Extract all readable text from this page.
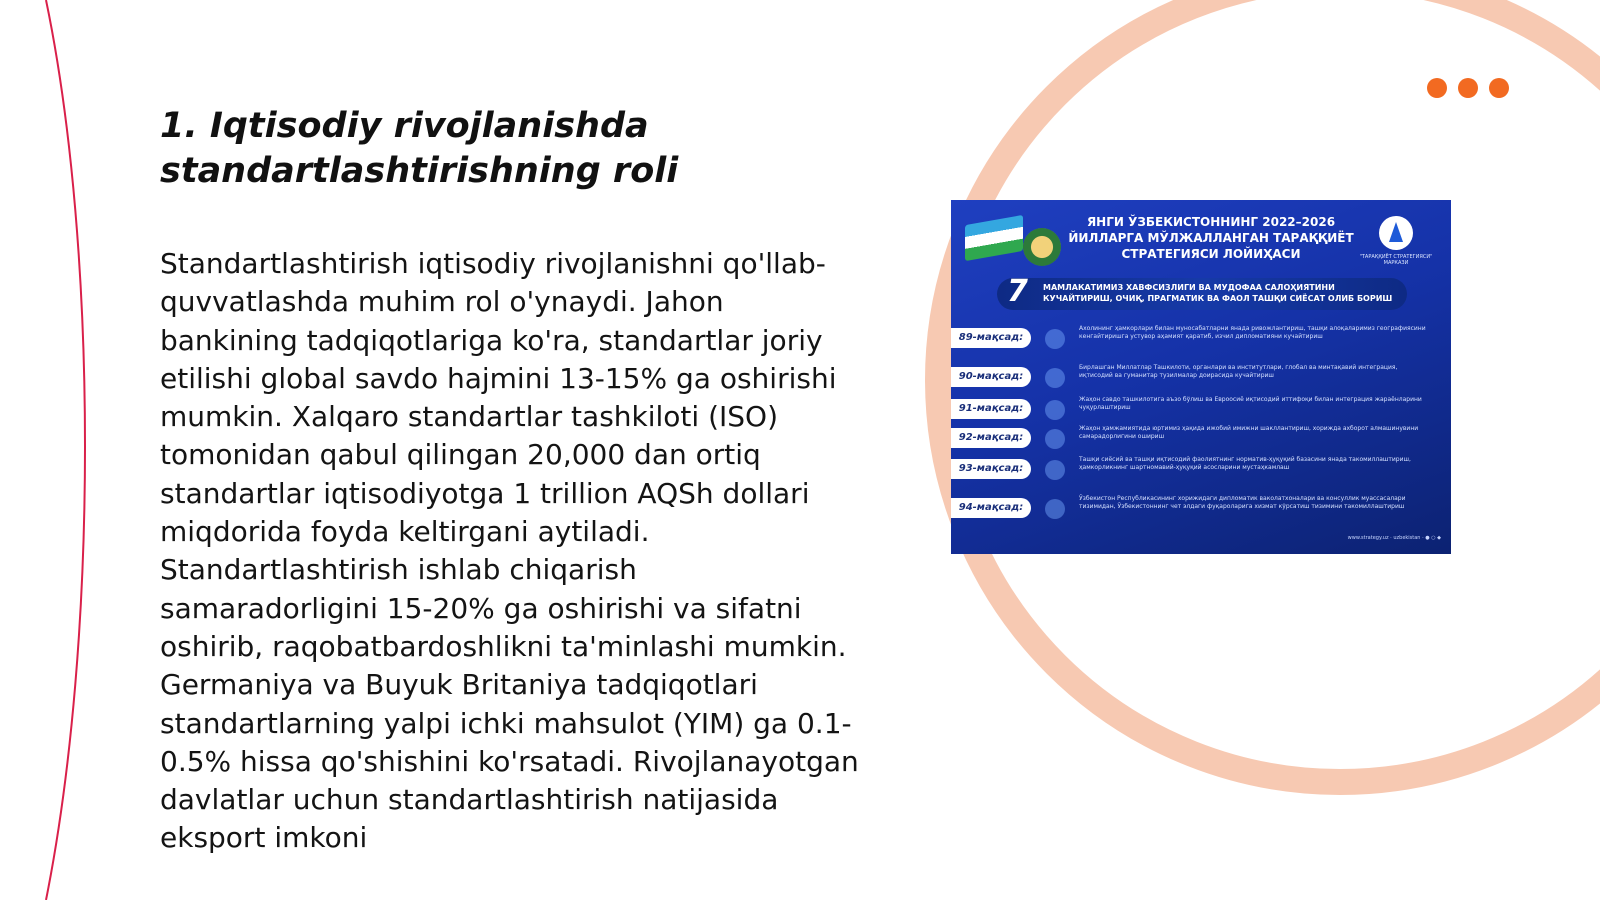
1. Iqtisodiy rivojlanishda standartlashtirishning roli

Standartlashtirish iqtisodiy rivojlanishni qo'llab-quvvatlashda muhim rol o'ynaydi. Jahon bankining tadqiqotlariga ko'ra, standartlar joriy etilishi global savdo hajmini 13-15% ga oshirishi mumkin. Xalqaro standartlar tashkiloti (ISO) tomonidan qabul qilingan 20,000 dan ortiq standartlar iqtisodiyotga 1 trillion AQSh dollari miqdorida foyda keltirgani aytiladi. Standartlashtirish ishlab chiqarish samaradorligini 15-20% ga oshirishi va sifatni oshirib, raqobatbardoshlikni ta'minlashi mumkin. Germaniya va Buyuk Britaniya tadqiqotlari standartlarning yalpi ichki mahsulot (YIM) ga 0.1-0.5% hissa qo'shishini ko'rsatadi. Rivojlanayotgan davlatlar uchun standartlashtirish natijasida eksport imkoni

ЯНГИ ЎЗБЕКИСТОННИНГ 2022–2026 ЙИЛЛАРГА МЎЛЖАЛЛАНГАН ТАРАҚҚИЁТ СТРАТЕГИЯСИ ЛОЙИҲАСИ	"ТАРАҚҚИЁТ СТРАТЕГИЯСИ" МАРКАЗИ
7 МАМЛАКАТИМИЗ ХАВФСИЗЛИГИ ВА МУДОФАА САЛОҲИЯТИНИ КУЧАЙТИРИШ, ОЧИҚ, ПРАГМАТИК ВА ФАОЛ ТАШҚИ СИЁСАТ ОЛИБ БОРИШ
89-мақсад:
Ахолининг ҳамкорлари билан муносабатларни янада ривожлантириш, ташқи алоқаларимиз географиясини кенгайтиришга устувор аҳамият қаратиб, изчил дипломатияни кучайтириш
90-мақсад:
Бирлашган Миллатлар Ташкилоти, органлари ва институтлари, глобал ва минтақавий интеграция, иқтисодий ва гуманитар тузилмалар доирасида кучайтириш
91-мақсад:
Жаҳон савдо ташкилотига аъзо бўлиш ва Евроосиё иқтисодий иттифоқи билан интеграция жараёнларини чуқурлаштириш
92-мақсад:
Жаҳон ҳамжамиятида юртимиз ҳақида ижобий имижни шакллантириш, хорижда ахборот алмашинувини самарадорлигини ошириш
93-мақсад:
Ташқи сиёсий ва ташқи иқтисодий фаолиятнинг норматив-ҳуқуқий базасини янада такомиллаштириш, ҳамкорликнинг шартномавий-ҳуқуқий асосларини мустаҳкамлаш
94-мақсад:
Ўзбекистон Республикасининг хорижидаги дипломатик ваколатхоналари ва консуллик муассасалари тизимидан, Ўзбекистоннинг чет элдаги фуқароларига хизмат кўрсатиш тизимини такомиллаштириш
www.strategy.uz · uzbekistan · ● ○ ◆
